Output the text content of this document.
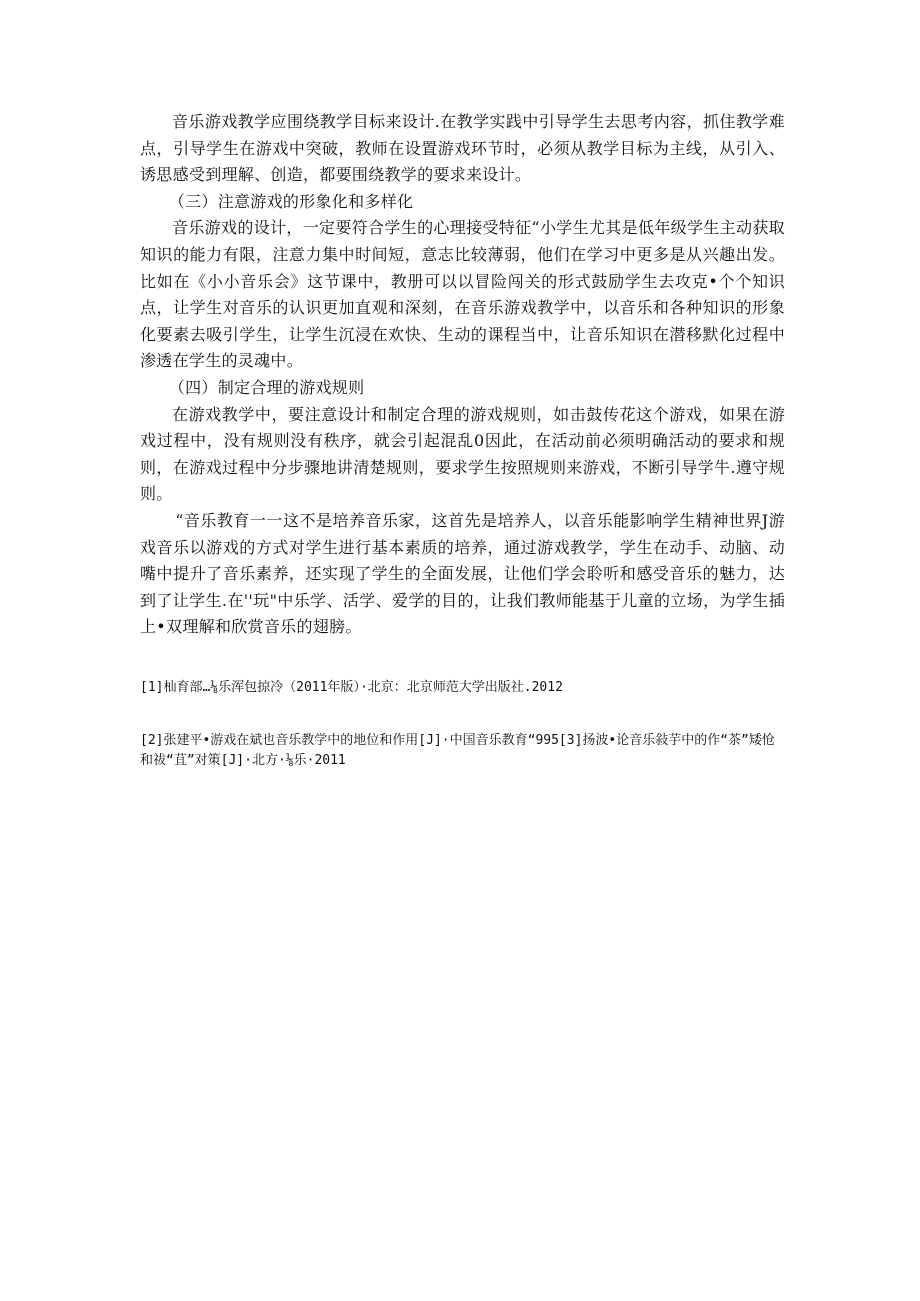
音乐游戏教学应围绕教学目标来设计.在教学实践中引导学生去思考内容，抓住教学难点，引导学生在游戏中突破，教师在设置游戏环节时，必须从教学目标为主线，从引入、诱思感受到理解、创造，都要围绕教学的要求来设计。

（三）注意游戏的形象化和多样化

音乐游戏的设计，一定要符合学生的心理接受特征“小学生尤其是低年级学生主动获取知识的能力有限，注意力集中时间短，意志比较薄弱，他们在学习中更多是从兴趣出发。比如在《小小音乐会》这节课中，教册可以以冒险闯关的形式鼓励学生去攻克•个个知识点，让学生对音乐的认识更加直观和深刻，在音乐游戏教学中，以音乐和各种知识的形象化要素去吸引学生，让学生沉浸在欢快、生动的课程当中，让音乐知识在潜移默化过程中渗透在学生的灵魂中。

（四）制定合理的游戏规则

在游戏教学中，要注意设计和制定合理的游戏规则，如击鼓传花这个游戏，如果在游戏过程中，没有规则没有秩序，就会引起混乱0因此，在活动前必须明确活动的要求和规则，在游戏过程中分步骤地讲清楚规则，要求学生按照规则来游戏，不断引导学牛.遵守规则。

“音乐教育一一这不是培养音乐家，这首先是培养人，以音乐能影响学生精神世界J游戏音乐以游戏的方式对学生进行基本素质的培养，通过游戏教学，学生在动手、动脑、动嘴中提升了音乐素养，还实现了学生的全面发展，让他们学会聆听和感受音乐的魅力，达到了让学生.在''玩"中乐学、活学、爱学的目的，让我们教师能基于儿童的立场，为学生插上•双理解和欣赏音乐的翅膀。

[1]杣育部…⅛乐浑包掠冷（2011年版）·北京：北京师范大学出版社.2012

[2]张建平•游戏在斌也音乐教学中的地位和作用[J]·中国音乐教育“995[3]扬波•论音乐敍芋中的作“茶”矮怆和祓“苴”对策[J]·北方·⅛乐·2011
